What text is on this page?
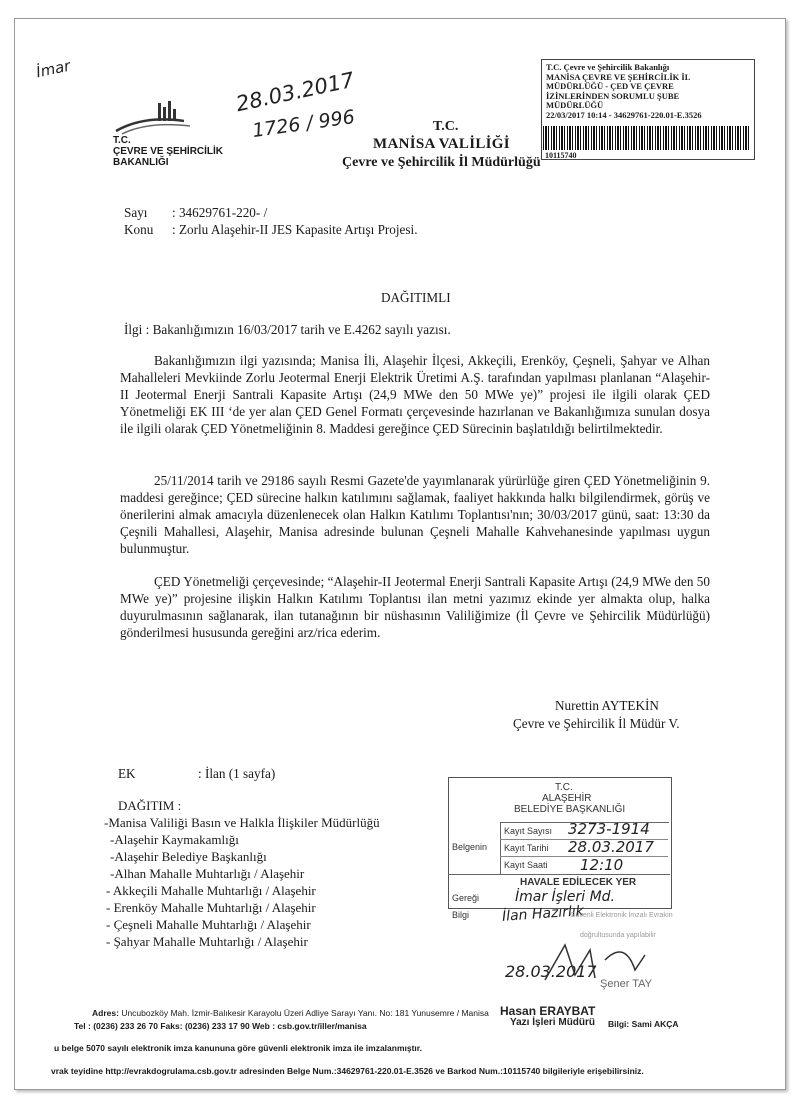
İmar	28.03.2017
1726 / 996
T.C.
ÇEVRE VE ŞEHİRCİLİK
BAKANLIĞI
T.C.
MANİSA VALİLİĞİ
Çevre ve Şehircilik İl Müdürlüğü
T.C. Çevre ve Şehircilik Bakanlığı
MANİSA ÇEVRE VE ŞEHİRCİLİK İL
MÜDÜRLÜĞÜ - ÇED VE ÇEVRE
İZİNLERİNDEN SORUMLU ŞUBE
MÜDÜRLÜĞÜ
22/03/2017 10:14 - 34629761-220.01-E.3526
10115740
Sayı : 34629761-220- /
Konu : Zorlu Alaşehir-II JES Kapasite Artışı Projesi.
DAĞITIMLI
İlgi : Bakanlığımızın 16/03/2017 tarih ve E.4262 sayılı yazısı.
Bakanlığımızın ilgi yazısında; Manisa İli, Alaşehir İlçesi, Akkeçili, Erenköy, Çeşneli, Şahyar ve Alhan Mahalleleri Mevkiinde Zorlu Jeotermal Enerji Elektrik Üretimi A.Ş. tarafından yapılması planlanan “Alaşehir-II Jeotermal Enerji Santrali Kapasite Artışı (24,9 MWe den 50 MWe ye)” projesi ile ilgili olarak ÇED Yönetmeliği EK III ‘de yer alan ÇED Genel Formatı çerçevesinde hazırlanan ve Bakanlığımıza sunulan dosya ile ilgili olarak ÇED Yönetmeliğinin 8. Maddesi gereğince ÇED Sürecinin başlatıldığı belirtilmektedir.
25/11/2014 tarih ve 29186 sayılı Resmi Gazete'de yayımlanarak yürürlüğe giren ÇED Yönetmeliğinin 9. maddesi gereğince; ÇED sürecine halkın katılımını sağlamak, faaliyet hakkında halkı bilgilendirmek, görüş ve önerilerini almak amacıyla düzenlenecek olan Halkın Katılımı Toplantısı'nın; 30/03/2017 günü, saat: 13:30 da Çeşnili Mahallesi, Alaşehir, Manisa adresinde bulunan Çeşneli Mahalle Kahvehanesinde yapılması uygun bulunmuştur.
ÇED Yönetmeliği çerçevesinde; “Alaşehir-II Jeotermal Enerji Santrali Kapasite Artışı (24,9 MWe den 50 MWe ye)” projesine ilişkin Halkın Katılımı Toplantısı ilan metni yazımız ekinde yer almakta olup, halka duyurulmasının sağlanarak, ilan tutanağının bir nüshasının Valiliğimize (İl Çevre ve Şehircilik Müdürlüğü) gönderilmesi hususunda gereğini arz/rica ederim.
Nurettin AYTEKİN
Çevre ve Şehircilik İl Müdür V.
EK	: İlan (1 sayfa)
DAĞITIM :
-Manisa Valiliği Basın ve Halkla İlişkiler Müdürlüğü
-Alaşehir Kaymakamlığı
-Alaşehir Belediye Başkanlığı
-Alhan Mahalle Muhtarlığı / Alaşehir
- Akkeçili Mahalle Muhtarlığı / Alaşehir
- Erenköy Mahalle Muhtarlığı / Alaşehir
- Çeşneli Mahalle Muhtarlığı / Alaşehir
- Şahyar Mahalle Muhtarlığı / Alaşehir
T.C.
ALAŞEHİR
BELEDİYE BAŞKANLIĞI
Belgenin
Kayıt Sayısı
Kayıt Tarihi
Kayıt Saati
3273-1914
28.03.2017
12:10
HAVALE EDİLECEK YER
Gereği
Bilgi
İmar İşleri Md.
İlan Hazırlık
Güvenli Elektronik İmzalı Evrakın
doğrultusunda yapılabilir
28.03.2017
Şener TAY
Hasan ERAYBAT
Yazı İşleri Müdürü
Adres: Uncubozköy Mah. İzmir-Balıkesir Karayolu Üzeri Adliye Sarayı Yanı. No: 181 Yunusemre / Manisa
Bilgi: Sami AKÇA
Tel : (0236) 233 26 70 Faks: (0236) 233 17 90 Web : csb.gov.tr/iller/manisa
u belge 5070 sayılı elektronik imza kanununa göre güvenli elektronik imza ile imzalanmıştır.
vrak teyidine http://evrakdogrulama.csb.gov.tr adresinden Belge Num.:34629761-220.01-E.3526 ve Barkod Num.:10115740 bilgileriyle erişebilirsiniz.
